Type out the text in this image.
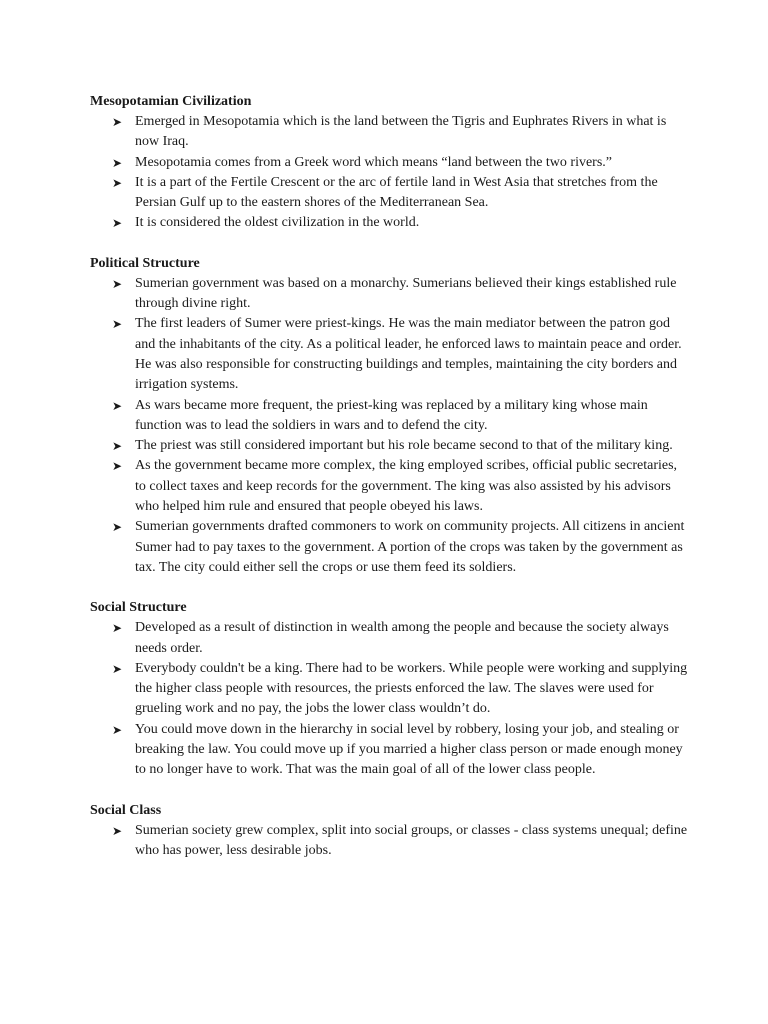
Mesopotamian Civilization

➤ Emerged in Mesopotamia which is the land between the Tigris and Euphrates Rivers in what is now Iraq.
➤ Mesopotamia comes from a Greek word which means “land between the two rivers.”
➤ It is a part of the Fertile Crescent or the arc of fertile land in West Asia that stretches from the Persian Gulf up to the eastern shores of the Mediterranean Sea.
➤ It is considered the oldest civilization in the world.

Political Structure

➤ Sumerian government was based on a monarchy. Sumerians believed their kings established rule through divine right.
➤ The first leaders of Sumer were priest-kings. He was the main mediator between the patron god and the inhabitants of the city. As a political leader, he enforced laws to maintain peace and order. He was also responsible for constructing buildings and temples, maintaining the city borders and irrigation systems.
➤ As wars became more frequent, the priest-king was replaced by a military king whose main function was to lead the soldiers in wars and to defend the city.
➤ The priest was still considered important but his role became second to that of the military king.
➤ As the government became more complex, the king employed scribes, official public secretaries, to collect taxes and keep records for the government. The king was also assisted by his advisors who helped him rule and ensured that people obeyed his laws.
➤ Sumerian governments drafted commoners to work on community projects. All citizens in ancient Sumer had to pay taxes to the government. A portion of the crops was taken by the government as tax. The city could either sell the crops or use them feed its soldiers.

Social Structure

➤ Developed as a result of distinction in wealth among the people and because the society always needs order.
➤ Everybody couldn't be a king. There had to be workers. While people were working and supplying the higher class people with resources, the priests enforced the law. The slaves were used for grueling work and no pay, the jobs the lower class wouldn’t do.
➤ You could move down in the hierarchy in social level by robbery, losing your job, and stealing or breaking the law. You could move up if you married a higher class person or made enough money to no longer have to work. That was the main goal of all of the lower class people.

Social Class

➤ Sumerian society grew complex, split into social groups, or classes - class systems unequal; define who has power, less desirable jobs.
